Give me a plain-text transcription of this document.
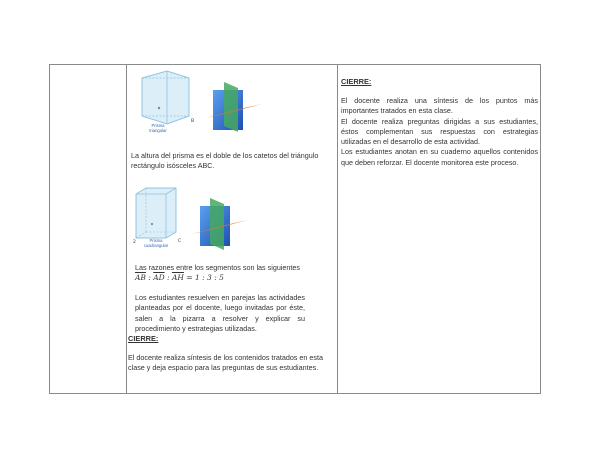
B
Prisma
triangular
La altura del prisma es el doble de los catetos del triángulo rectángulo isósceles ABC.
2	C
Prisma
cuadrangular
Las razones entre los segmentos son las siguientes
$\overline{AB}$ : $\overline{AD}$ : $\overline{AH} = 1$ : 3 : 5
Los estudiantes resuelven en parejas las actividades planteadas por el docente, luego invitadas por éste, salen a la pizarra a resolver y explicar su procedimiento y estrategias utilizadas.
CIERRE:
El docente realiza síntesis de los contenidos tratados en esta clase y deja espacio para las preguntas de sus estudiantes.
CIERRE:
El docente realiza una síntesis de los puntos más importantes tratados en esta clase.
El docente realiza preguntas dirigidas a sus estudiantes, éstos complementan sus respuestas con estrategias utilizadas en el desarrollo de esta actividad.
Los estudiantes anotan en su cuaderno aquellos contenidos que deben reforzar. El docente monitorea este proceso.
